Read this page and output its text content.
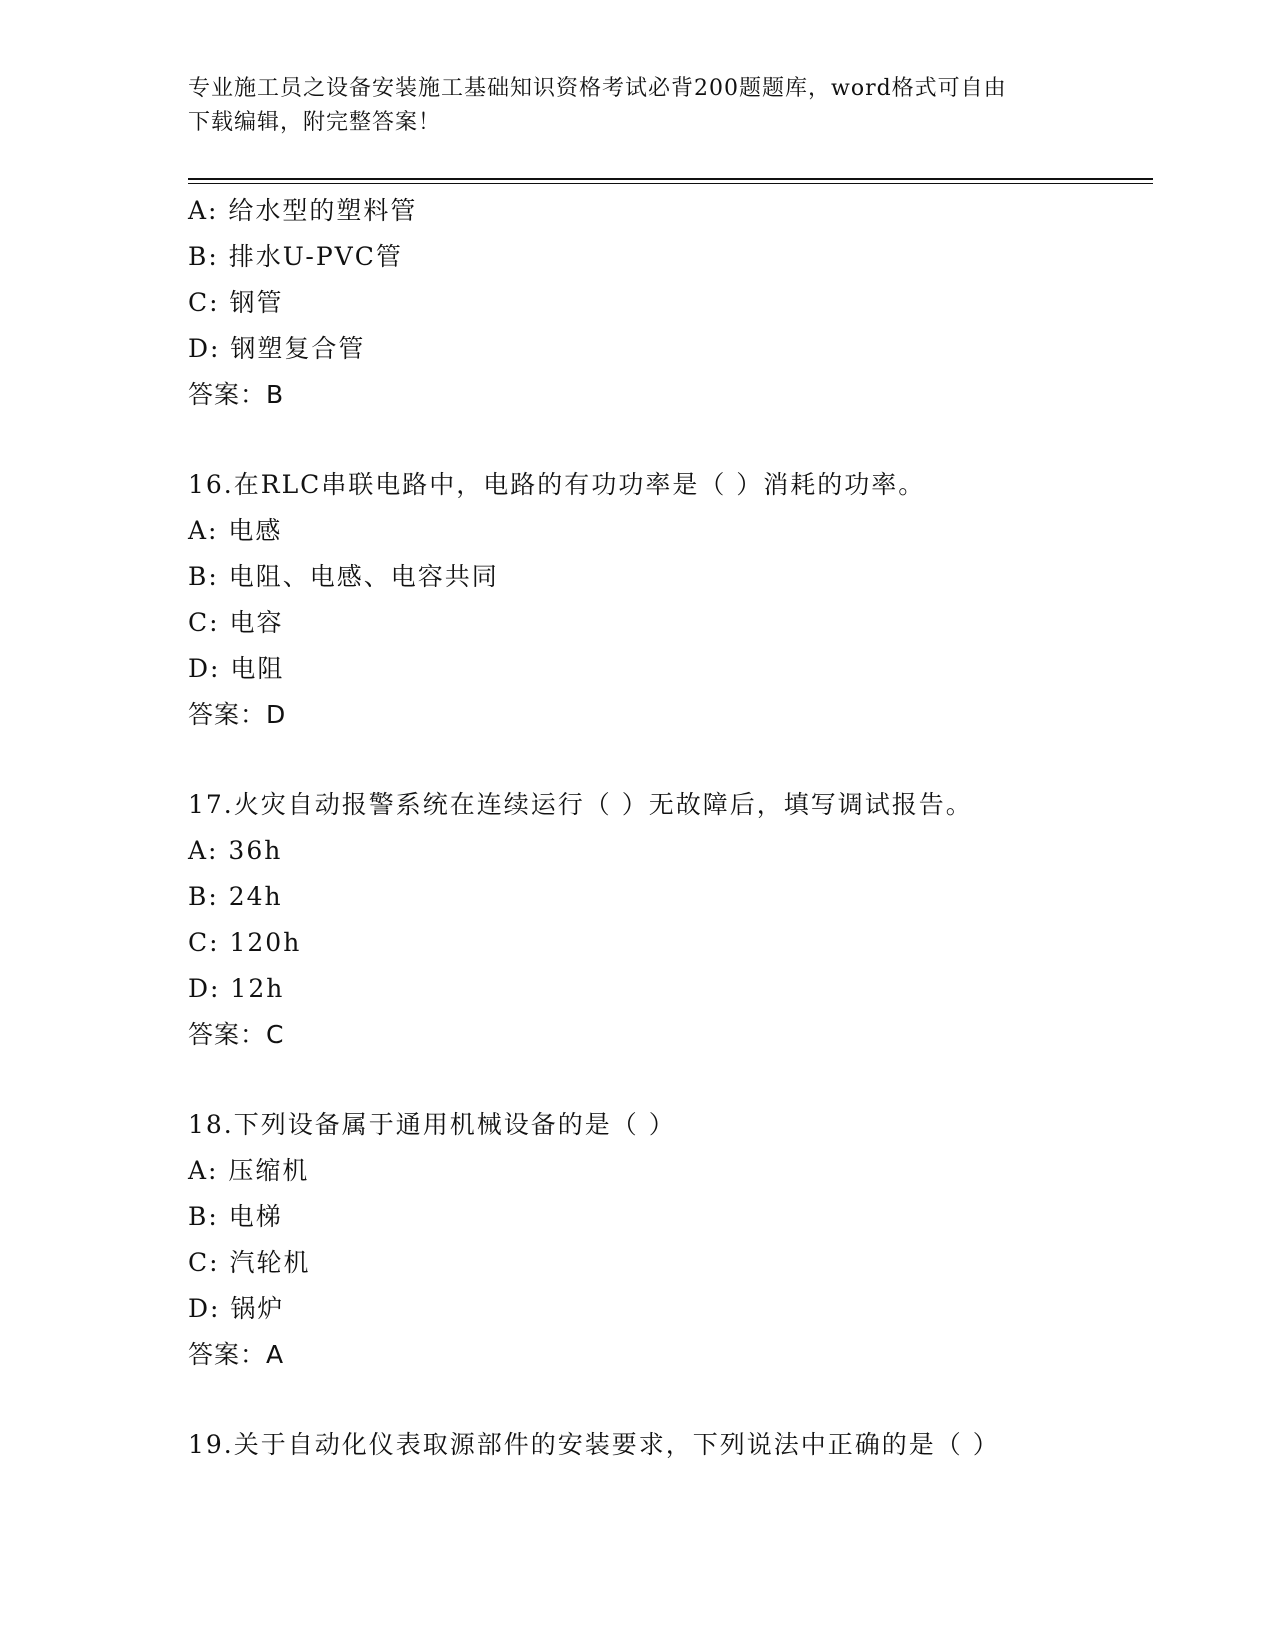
专业施工员之设备安装施工基础知识资格考试必背200题题库，word格式可自由
下载编辑，附完整答案！
A: 给水型的塑料管
B: 排水U-PVC管
C: 钢管
D: 钢塑复合管
答案：B
16.在RLC串联电路中，电路的有功功率是（ ）消耗的功率。
A: 电感
B: 电阻、电感、电容共同
C: 电容
D: 电阻
答案：D
17.火灾自动报警系统在连续运行（ ）无故障后，填写调试报告。
A: 36h
B: 24h
C: 120h
D: 12h
答案：C
18.下列设备属于通用机械设备的是（ ）
A: 压缩机
B: 电梯
C: 汽轮机
D: 锅炉
答案：A
19.关于自动化仪表取源部件的安装要求，下列说法中正确的是（ ）
